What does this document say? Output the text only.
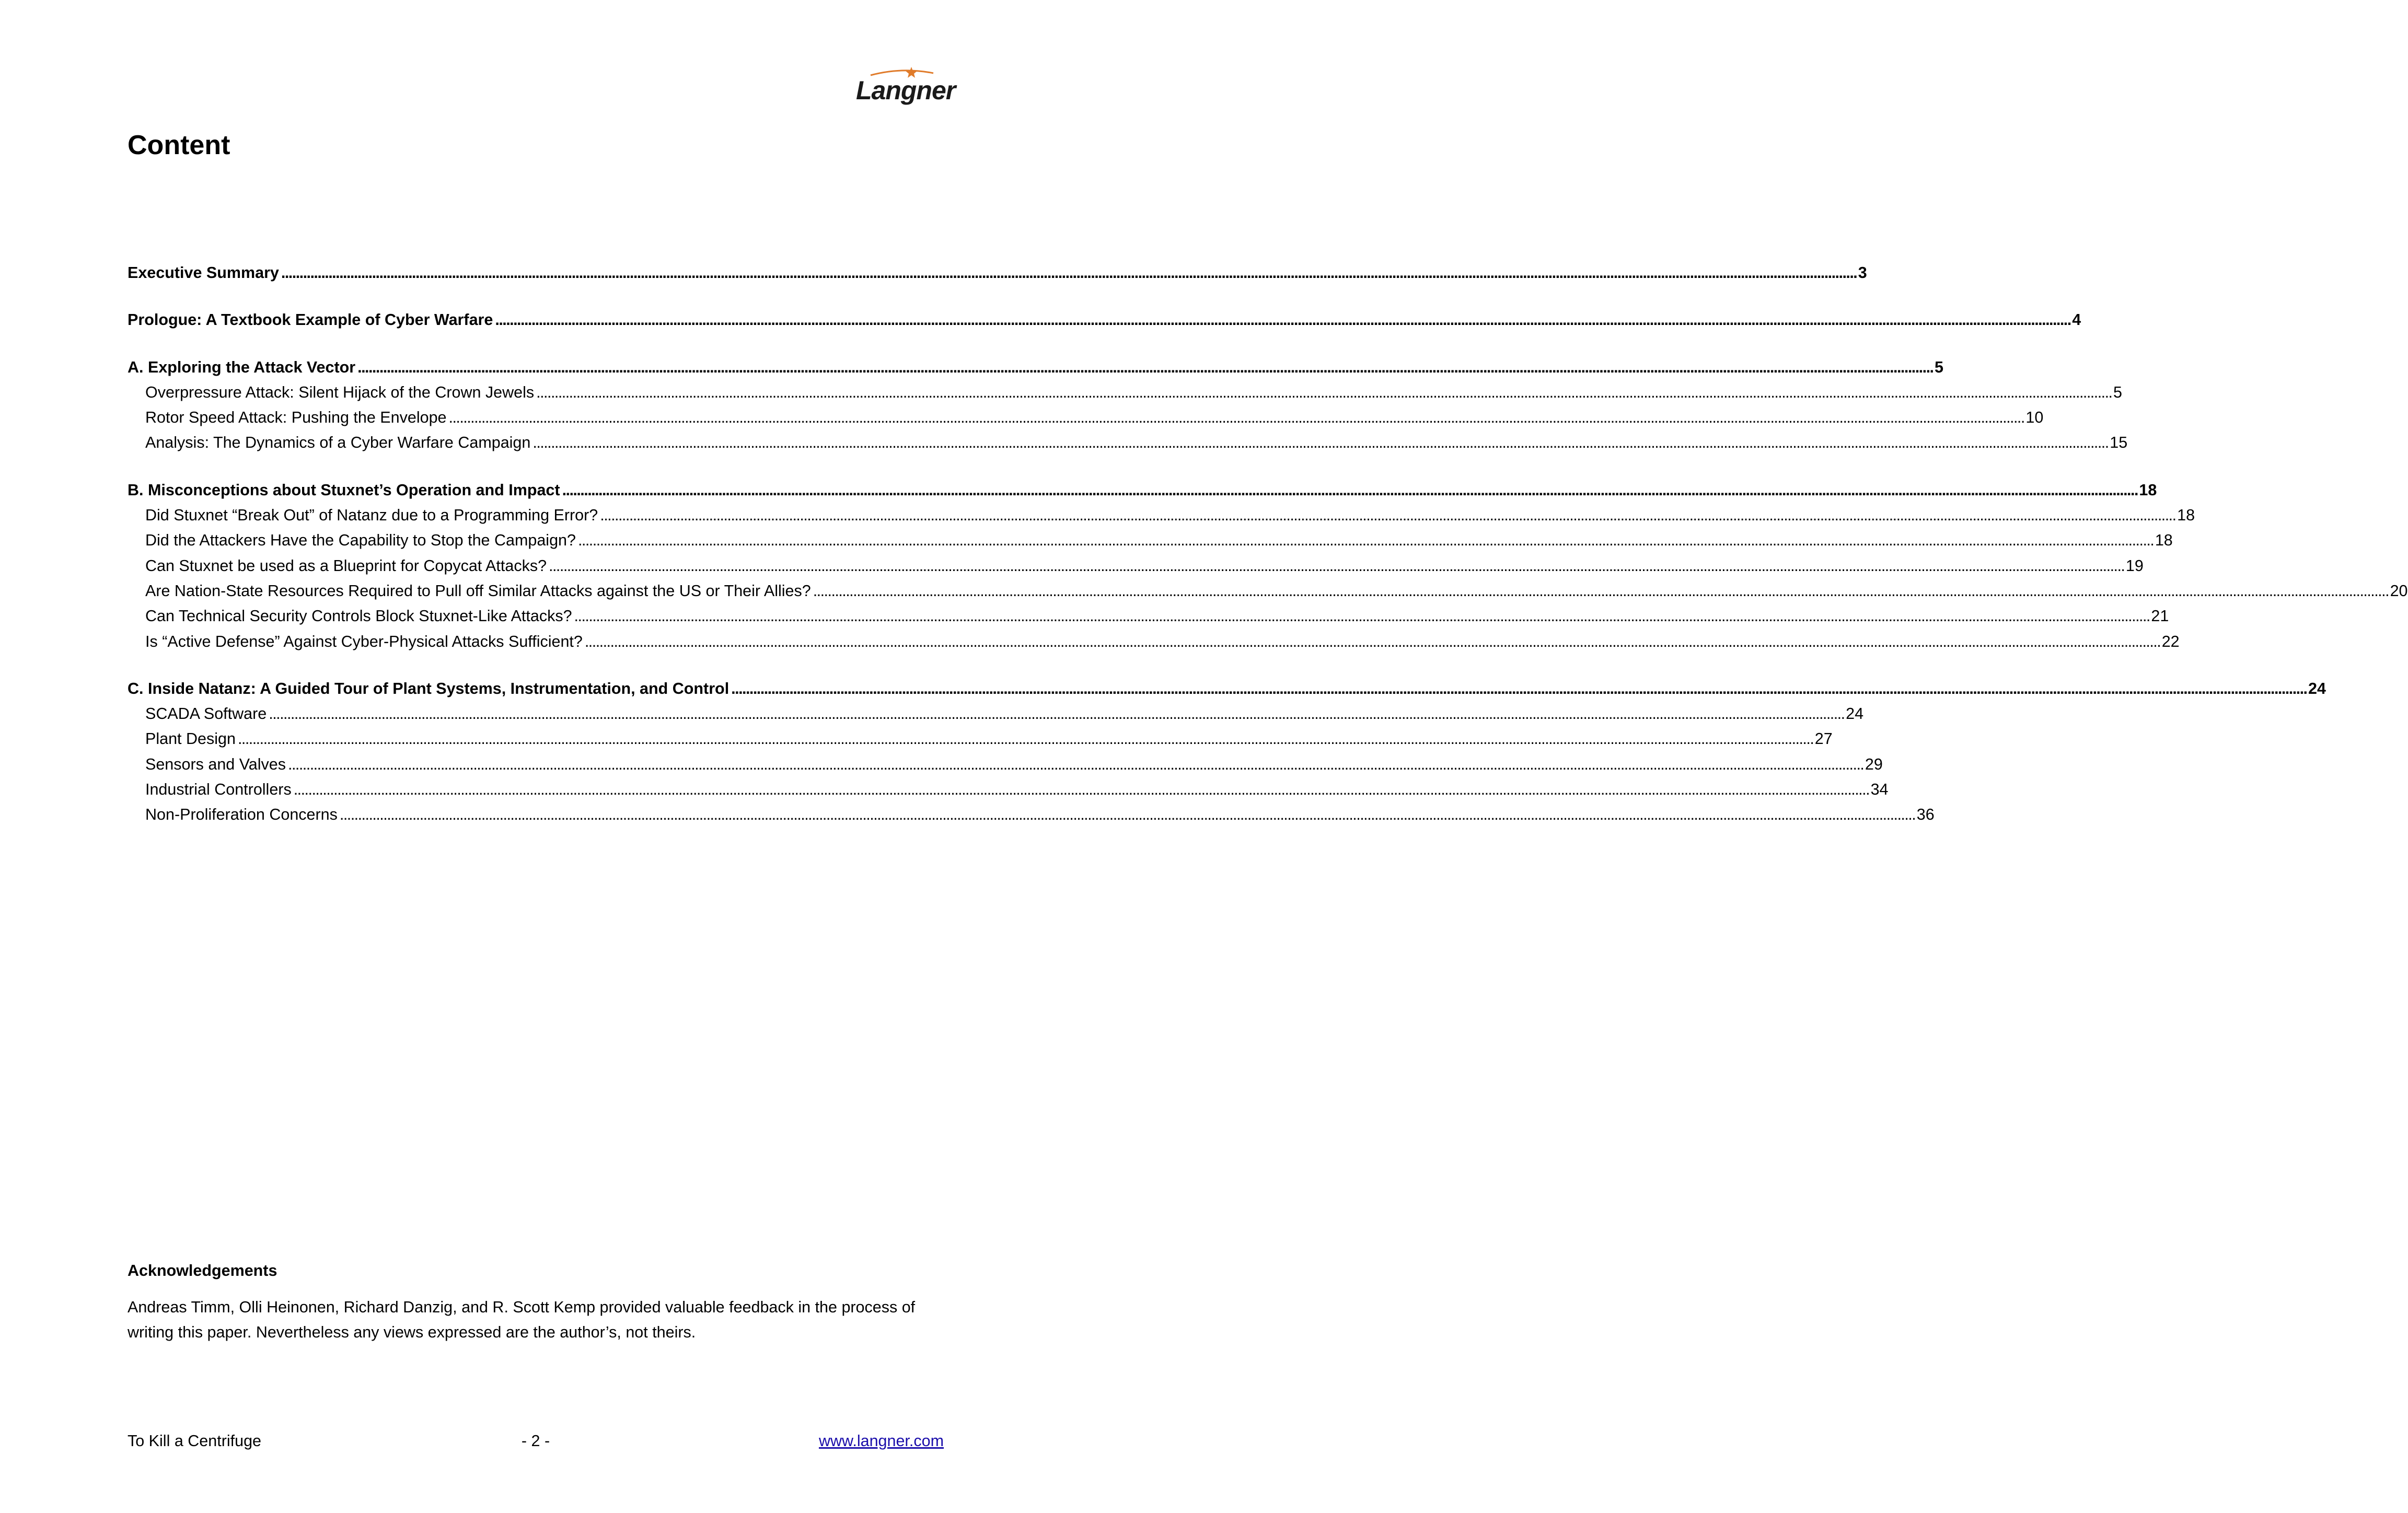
Langner
Content
Executive Summary . . .	3
Prologue: A Textbook Example of Cyber Warfare . . .	4
A. Exploring the Attack Vector . . .	5
Overpressure Attack: Silent Hijack of the Crown Jewels . . .	5
Rotor Speed Attack: Pushing the Envelope . . .	10
Analysis: The Dynamics of a Cyber Warfare Campaign . . .	15
B. Misconceptions about Stuxnet’s Operation and Impact . . .	18
Did Stuxnet “Break Out” of Natanz due to a Programming Error? . . .	18
Did the Attackers Have the Capability to Stop the Campaign? . . .	18
Can Stuxnet be used as a Blueprint for Copycat Attacks? . . .	19
Are Nation-State Resources Required to Pull off Similar Attacks against the US or Their Allies? . . .	20
Can Technical Security Controls Block Stuxnet-Like Attacks? . . .	21
Is “Active Defense” Against Cyber-Physical Attacks Sufficient? . . .	22
C. Inside Natanz: A Guided Tour of Plant Systems, Instrumentation, and Control . . .	24
SCADA Software . . .	24
Plant Design . . .	27
Sensors and Valves . . .	29
Industrial Controllers . . .	34
Non-Proliferation Concerns . . .	36
Acknowledgements

Andreas Timm, Olli Heinonen, Richard Danzig, and R. Scott Kemp provided valuable feedback in the process of writing this paper. Nevertheless any views expressed are the author’s, not theirs.

To Kill a Centrifuge	- 2 -	www.langner.com
